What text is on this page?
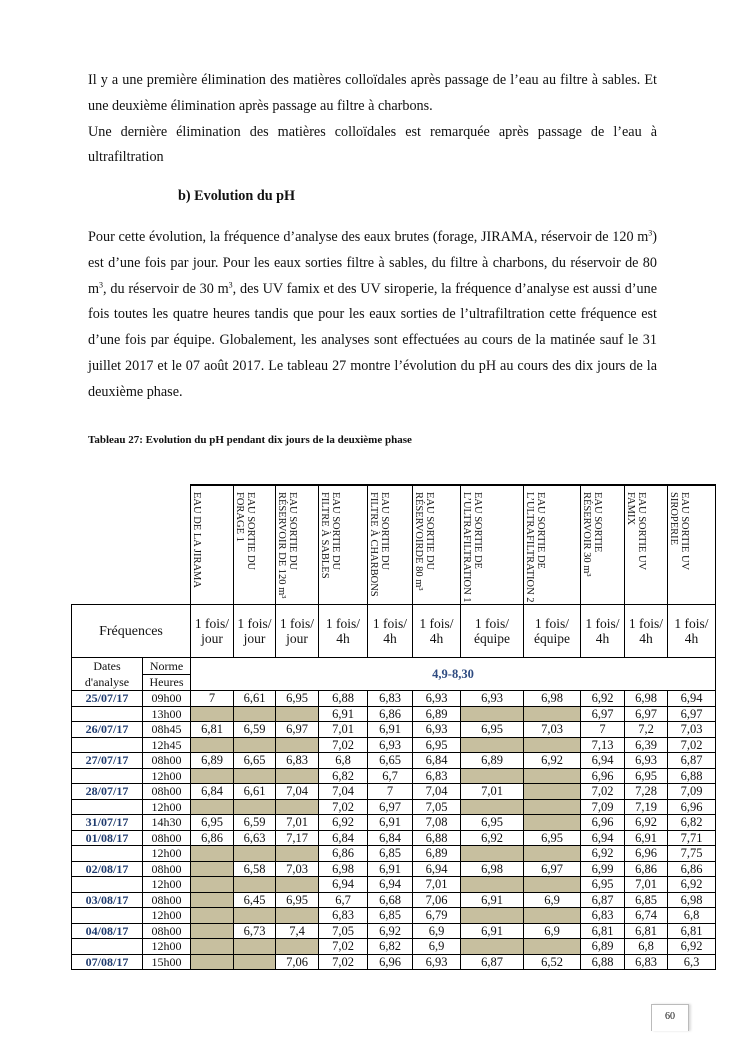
Il y a une première élimination des matières colloïdales après passage de l’eau au filtre à sables. Et une deuxième élimination après passage au filtre à charbons.
Une dernière élimination des matières colloïdales est remarquée après passage de l’eau à ultrafiltration

b) Evolution du pH

Pour cette évolution, la fréquence d’analyse des eaux brutes (forage, JIRAMA, réservoir de 120 $m^3$) est d’une fois par jour. Pour les eaux sorties filtre à sables, du filtre à charbons, du réservoir de 80 $m^3$, du réservoir de 30 $m^3$, des UV famix et des UV siroperie, la fréquence d’analyse est aussi d’une fois toutes les quatre heures tandis que pour les eaux sorties de l’ultrafiltration cette fréquence est d’une fois par équipe. Globalement, les analyses sont effectuées au cours de la matinée sauf le 31 juillet 2017 et le 07 août 2017. Le tableau 27 montre l’évolution du pH au cours des dix jours de la deuxième phase.

Tableau 27: Evolution du pH pendant dix jours de la deuxième phase

		EAU DE LA JIRAMA	EAU SORTIE DU FORAGE 1	EAU SORTIE DU RÉSERVOIR DE 120 m³	EAU SORTIE DU FILTRE À SABLES	EAU SORTIE DU FILTRE À CHARBONS	EAU SORTIE DU RÉSERVOIRDE 80 m³	EAU SORTIE DE L’ULTRAFILTRATION 1	EAU SORTIE DE L’ULTRAFILTRATION 2	EAU SORTIE RÉSERVOIR 30 m³	EAU SORTIE UV FAMIX	EAU SORTIE UV SIROPERIE

Fréquences		1 fois/ jour	1 fois/ jour	1 fois/ jour	1 fois/ 4h	1 fois/ 4h	1 fois/ 4h	1 fois/ équipe	1 fois/ équipe	1 fois/ 4h	1 fois/ 4h	1 fois/ 4h
Dates d'analyse	Norme	4,9-8,30										
	Heures											
25/07/17	09h00	7	6,61	6,95	6,88	6,83	6,93	6,93	6,98	6,92	6,98	6,94
	13h00				6,91	6,86	6,89			6,97	6,97	6,97
26/07/17	08h45	6,81	6,59	6,97	7,01	6,91	6,93	6,95	7,03	7	7,2	7,03
	12h45				7,02	6,93	6,95			7,13	6,39	7,02
27/07/17	08h00	6,89	6,65	6,83	6,8	6,65	6,84	6,89	6,92	6,94	6,93	6,87
	12h00				6,82	6,7	6,83			6,96	6,95	6,88
28/07/17	08h00	6,84	6,61	7,04	7,04	7	7,04	7,01		7,02	7,28	7,09
	12h00				7,02	6,97	7,05			7,09	7,19	6,96
31/07/17	14h30	6,95	6,59	7,01	6,92	6,91	7,08	6,95		6,96	6,92	6,82
01/08/17	08h00	6,86	6,63	7,17	6,84	6,84	6,88	6,92	6,95	6,94	6,91	7,71
	12h00				6,86	6,85	6,89			6,92	6,96	7,75
02/08/17	08h00		6,58	7,03	6,98	6,91	6,94	6,98	6,97	6,99	6,86	6,86
	12h00				6,94	6,94	7,01			6,95	7,01	6,92
03/08/17	08h00		6,45	6,95	6,7	6,68	7,06	6,91	6,9	6,87	6,85	6,98
	12h00				6,83	6,85	6,79			6,83	6,74	6,8
04/08/17	08h00		6,73	7,4	7,05	6,92	6,9	6,91	6,9	6,81	6,81	6,81
	12h00				7,02	6,82	6,9			6,89	6,8	6,92
07/08/17	15h00			7,06	7,02	6,96	6,93	6,87	6,52	6,88	6,83	6,3
60
